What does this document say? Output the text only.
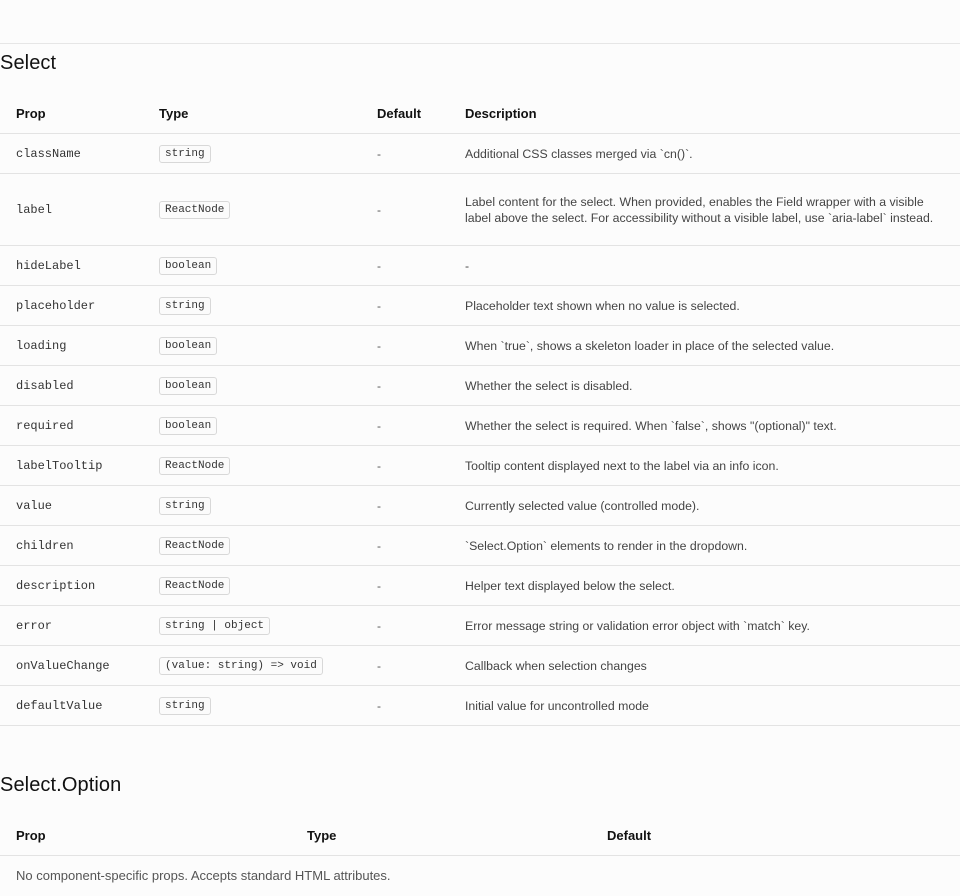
Select
Prop	Type	Default	Description
className	string	-	Additional CSS classes merged via `cn()`.
label	ReactNode	-	Label content for the select. When provided, enables the Field wrapper with a visible label above the select. For accessibility without a visible label, use `aria-label` instead.
hideLabel	boolean	-	-
placeholder	string	-	Placeholder text shown when no value is selected.
loading	boolean	-	When `true`, shows a skeleton loader in place of the selected value.
disabled	boolean	-	Whether the select is disabled.
required	boolean	-	Whether the select is required. When `false`, shows "(optional)" text.
labelTooltip	ReactNode	-	Tooltip content displayed next to the label via an info icon.
value	string	-	Currently selected value (controlled mode).
children	ReactNode	-	`Select.Option` elements to render in the dropdown.
description	ReactNode	-	Helper text displayed below the select.
error	string | object	-	Error message string or validation error object with `match` key.
onValueChange	(value: string) => void	-	Callback when selection changes
defaultValue	string	-	Initial value for uncontrolled mode
Select.Option
Prop	Type	Default
No component-specific props. Accepts standard HTML attributes.
